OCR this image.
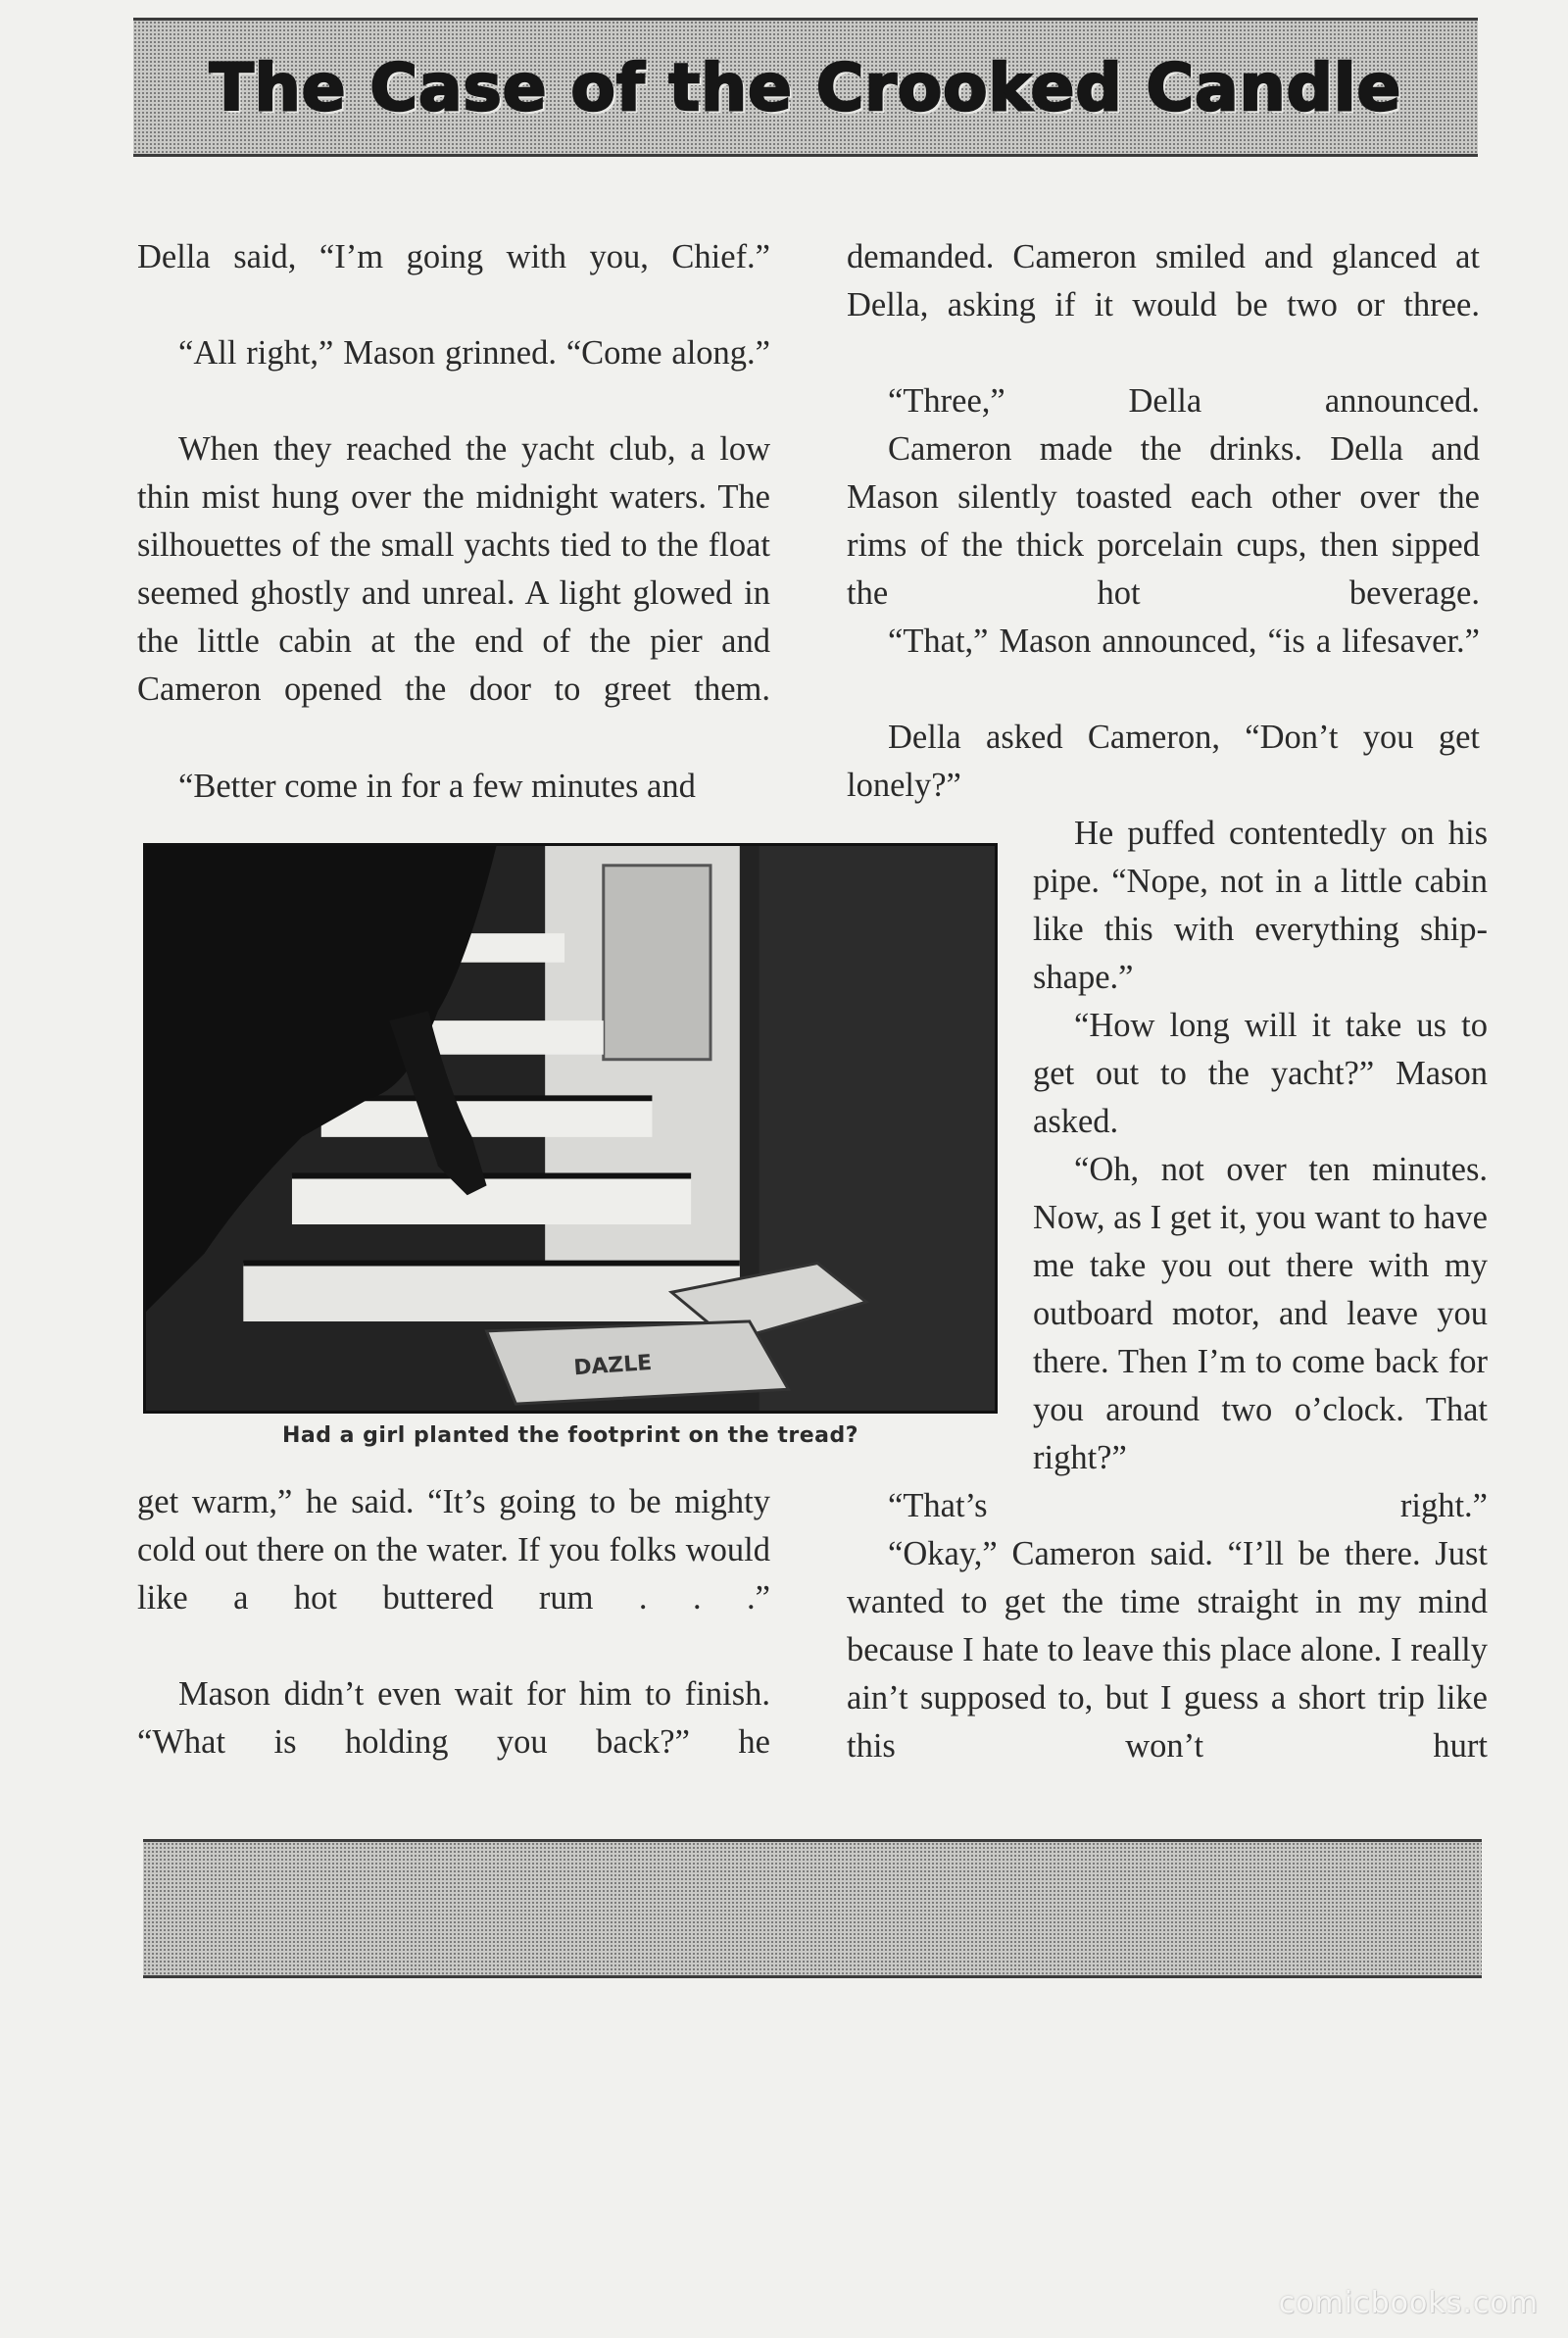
The Case of the Crooked Candle

Della said, “I’m going with you, Chief.”

“All right,” Mason grinned. “Come along.”

When they reached the yacht club, a low thin mist hung over the midnight waters. The silhouettes of the small yachts tied to the float seemed ghostly and unreal. A light glowed in the little cabin at the end of the pier and Cameron opened the door to greet them.

“Better come in for a few minutes and

DAZLE
Had a girl planted the footprint on the tread?

get warm,” he said. “It’s going to be mighty cold out there on the water. If you folks would like a hot buttered rum . . .”

Mason didn’t even wait for him to finish. “What is holding you back?” he

demanded. Cameron smiled and glanced at Della, asking if it would be two or three.

“Three,” Della announced.

Cameron made the drinks. Della and Mason silently toasted each other over the rims of the thick porcelain cups, then sipped the hot beverage.

“That,” Mason announced, “is a lifesaver.”

Della asked Cameron, “Don’t you get lonely?”

He puffed contentedly on his pipe. “Nope, not in a little cabin like this with everything ship-shape.”

“How long will it take us to get out to the yacht?” Mason asked.

“Oh, not over ten minutes. Now, as I get it, you want to have me take you out there with my outboard motor, and leave you there. Then I’m to come back for you around two o’clock. That right?”

“That’s right.”

“Okay,” Cameron said. “I’ll be there. Just wanted to get the time straight in my mind because I hate to leave this place alone. I really ain’t supposed to, but I guess a short trip like this won’t hurt

comicbooks.com
